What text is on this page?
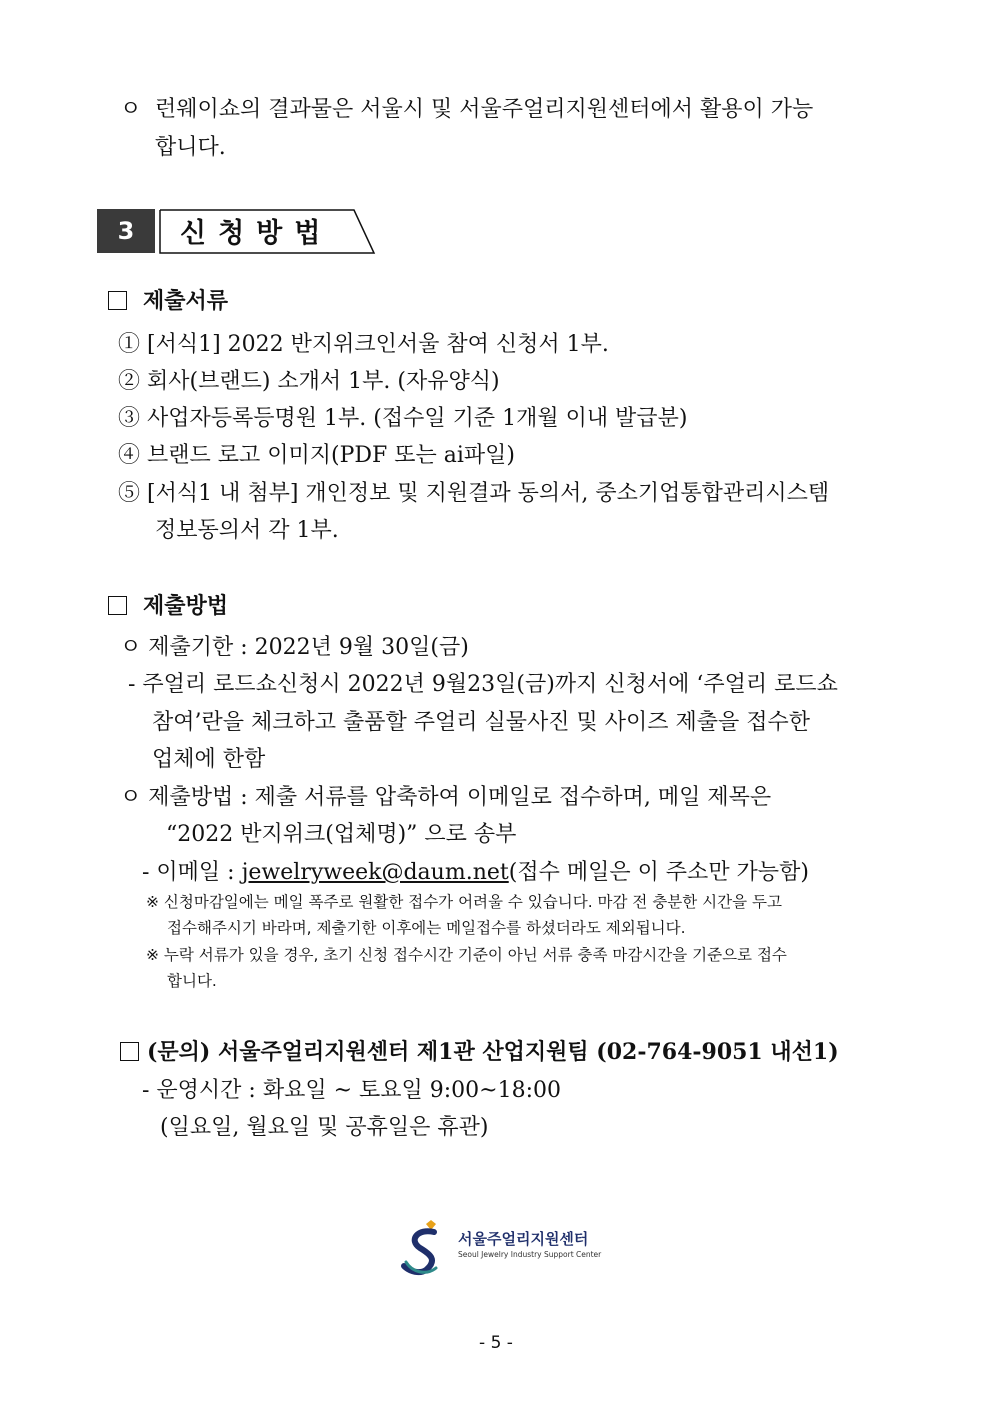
런웨이쇼의 결과물은 서울시 및 서울주얼리지원센터에서 활용이 가능
ㅇ
합니다.
3	신청방법
제출서류
① [서식1] 2022 반지위크인서울 참여 신청서 1부.
② 회사(브랜드) 소개서 1부. (자유양식)
③ 사업자등록등명원 1부. (접수일 기준 1개월 이내 발급분)
④ 브랜드 로고 이미지(PDF 또는 ai파일)
⑤ [서식1 내 첨부] 개인정보 및 지원결과 동의서, 중소기업통합관리시스템
정보동의서 각 1부.
제출방법
ㅇ 제출기한 : 2022년 9월 30일(금)
- 주얼리 로드쇼신청시 2022년 9월23일(금)까지 신청서에 ‘주얼리 로드쇼
참여’란을 체크하고 출품할 주얼리 실물사진 및 사이즈 제출을 접수한
업체에 한함
ㅇ 제출방법 : 제출 서류를 압축하여 이메일로 접수하며, 메일 제목은
“2022 반지위크(업체명)” 으로 송부
- 이메일 : jewelryweek@daum.net(접수 메일은 이 주소만 가능함)
※ 신청마감일에는 메일 폭주로 원활한 접수가 어려울 수 있습니다. 마감 전 충분한 시간을 두고
접수해주시기 바라며, 제출기한 이후에는 메일접수를 하셨더라도 제외됩니다.
※ 누락 서류가 있을 경우, 초기 신청 접수시간 기준이 아닌 서류 충족 마감시간을 기준으로 접수
합니다.
(문의) 서울주얼리지원센터 제1관 산업지원팀 (02-764-9051 내선1)
- 운영시간 : 화요일 ~ 토요일 9:00~18:00
(일요일, 월요일 및 공휴일은 휴관)
서울주얼리지원센터
Seoul Jewelry Industry Support Center
- 5 -
